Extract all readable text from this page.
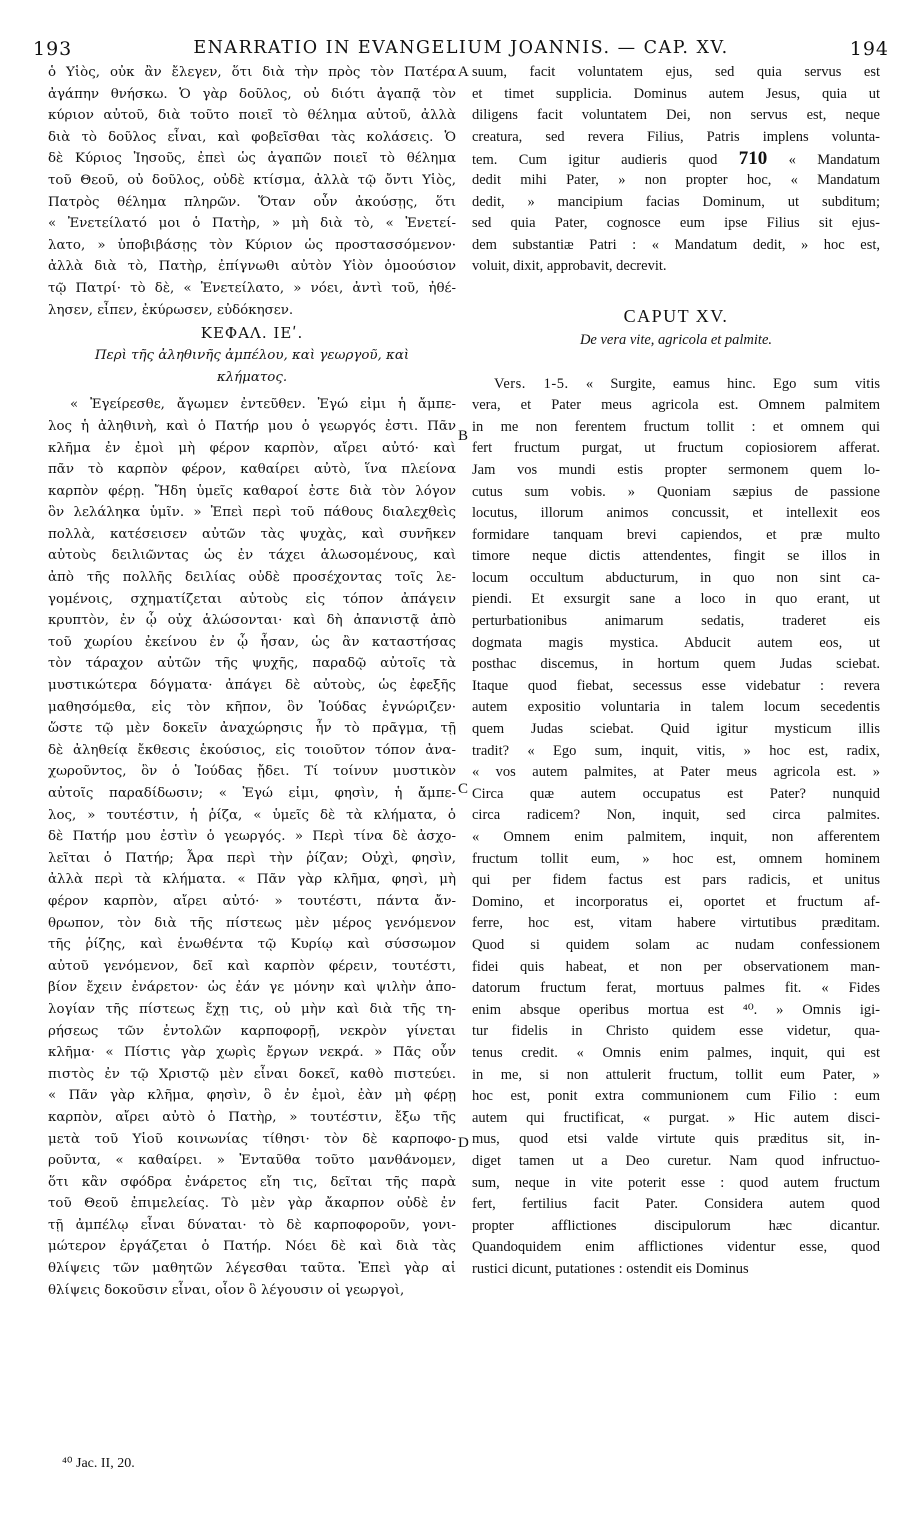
193	ENARRATIO IN EVANGELIUM JOANNIS. — CAP. XV.	194
A
B
C
D
ὁ Υἱὸς, οὐκ ἂν ἔλεγεν, ὅτι διὰ τὴν πρὸς τὸν Πατέρα
ἀγάπην θνήσκω. Ὁ γὰρ δοῦλος, οὐ διότι ἀγαπᾷ τὸν
κύριον αὐτοῦ, διὰ τοῦτο ποιεῖ τὸ θέλημα αὐτοῦ, ἀλλὰ
διὰ τὸ δοῦλος εἶναι, καὶ φοβεῖσθαι τὰς κολάσεις. Ὁ
δὲ Κύριος Ἰησοῦς, ἐπεὶ ὡς ἀγαπῶν ποιεῖ τὸ θέλημα
τοῦ Θεοῦ, οὐ δοῦλος, οὐδὲ κτίσμα, ἀλλὰ τῷ ὄντι Υἱὸς,
Πατρὸς θέλημα πληρῶν. Ὅταν οὖν ἀκούσῃς, ὅτι
« Ἐνετείλατό μοι ὁ Πατὴρ, » μὴ διὰ τὸ, « Ἐνετεί-
λατο, » ὑποβιβάσῃς τὸν Κύριον ὡς προστασσόμενον·
ἀλλὰ διὰ τὸ, Πατὴρ, ἐπίγνωθι αὐτὸν Υἱὸν ὁμοούσιον
τῷ Πατρί· τὸ δὲ, « Ἐνετείλατο, » νόει, ἀντὶ τοῦ, ἠθέ-
λησεν, εἶπεν, ἐκύρωσεν, εὐδόκησεν.
ΚΕΦΑΛ. ΙΕʹ.
Περὶ τῆς ἀληθινῆς ἀμπέλου, καὶ γεωργοῦ, καὶ
κλήματος.
« Ἐγείρεσθε, ἄγωμεν ἐντεῦθεν. Ἐγώ εἰμι ἡ ἄμπε-
λος ἡ ἀληθινὴ, καὶ ὁ Πατήρ μου ὁ γεωργός ἐστι. Πᾶν
κλῆμα ἐν ἐμοὶ μὴ φέρον καρπὸν, αἴρει αὐτό· καὶ
πᾶν τὸ καρπὸν φέρον, καθαίρει αὐτὸ, ἵνα πλείονα
καρπὸν φέρῃ. Ἤδη ὑμεῖς καθαροί ἐστε διὰ τὸν λόγον
ὃν λελάληκα ὑμῖν. » Ἐπεὶ περὶ τοῦ πάθους διαλεχθεὶς
πολλὰ, κατέσεισεν αὐτῶν τὰς ψυχὰς, καὶ συνῆκεν
αὐτοὺς δειλιῶντας ὡς ἐν τάχει ἁλωσομένους, καὶ
ἀπὸ τῆς πολλῆς δειλίας οὐδὲ προσέχοντας τοῖς λε-
γομένοις, σχηματίζεται αὐτοὺς εἰς τόπον ἀπάγειν
κρυπτὸν, ἐν ᾧ οὐχ ἁλώσονται· καὶ δὴ ἀπανιστᾷ ἀπὸ
τοῦ χωρίου ἐκείνου ἐν ᾧ ἦσαν, ὡς ἂν καταστήσας
τὸν τάραχον αὐτῶν τῆς ψυχῆς, παραδῷ αὐτοῖς τὰ
μυστικώτερα δόγματα· ἀπάγει δὲ αὐτοὺς, ὡς ἐφεξῆς
μαθησόμεθα, εἰς τὸν κῆπον, ὃν Ἰούδας ἐγνώριζεν·
ὥστε τῷ μὲν δοκεῖν ἀναχώρησις ἦν τὸ πρᾶγμα, τῇ
δὲ ἀληθείᾳ ἔκθεσις ἑκούσιος, εἰς τοιοῦτον τόπον ἀνα-
χωροῦντος, ὃν ὁ Ἰούδας ᾔδει. Τί τοίνυν μυστικὸν
αὐτοῖς παραδίδωσιν; « Ἐγώ εἰμι, φησὶν, ἡ ἄμπε-
λος, » τουτέστιν, ἡ ῥίζα, « ὑμεῖς δὲ τὰ κλήματα, ὁ
δὲ Πατήρ μου ἐστὶν ὁ γεωργός. » Περὶ τίνα δὲ ἀσχο-
λεῖται ὁ Πατήρ; Ἆρα περὶ τὴν ῥίζαν; Οὐχὶ, φησὶν,
ἀλλὰ περὶ τὰ κλήματα. « Πᾶν γὰρ κλῆμα, φησὶ, μὴ
φέρον καρπὸν, αἴρει αὐτό· » τουτέστι, πάντα ἄν-
θρωπον, τὸν διὰ τῆς πίστεως μὲν μέρος γενόμενον
τῆς ῥίζης, καὶ ἑνωθέντα τῷ Κυρίῳ καὶ σύσσωμον
αὐτοῦ γενόμενον, δεῖ καὶ καρπὸν φέρειν, τουτέστι,
βίον ἔχειν ἐνάρετον· ὡς ἐάν γε μόνην καὶ ψιλὴν ἀπο-
λογίαν τῆς πίστεως ἔχῃ τις, οὐ μὴν καὶ διὰ τῆς τη-
ρήσεως τῶν ἐντολῶν καρποφορῇ, νεκρὸν γίνεται
κλῆμα· « Πίστις γὰρ χωρὶς ἔργων νεκρά. » Πᾶς οὖν
πιστὸς ἐν τῷ Χριστῷ μὲν εἶναι δοκεῖ, καθὸ πιστεύει.
« Πᾶν γὰρ κλῆμα, φησὶν, ὃ ἐν ἐμοὶ, ἐὰν μὴ φέρῃ
καρπὸν, αἴρει αὐτὸ ὁ Πατὴρ, » τουτέστιν, ἔξω τῆς
μετὰ τοῦ Υἱοῦ κοινωνίας τίθησι· τὸν δὲ καρποφο-
ροῦντα, « καθαίρει. » Ἐνταῦθα τοῦτο μανθάνομεν,
ὅτι κἂν σφόδρα ἐνάρετος εἴη τις, δεῖται τῆς παρὰ
τοῦ Θεοῦ ἐπιμελείας. Τὸ μὲν γὰρ ἄκαρπον οὐδὲ ἐν
τῇ ἀμπέλῳ εἶναι δύναται· τὸ δὲ καρποφοροῦν, γονι-
μώτερον ἐργάζεται ὁ Πατήρ. Νόει δὲ καὶ διὰ τὰς
θλίψεις τῶν μαθητῶν λέγεσθαι ταῦτα. Ἐπεὶ γὰρ αἱ
θλίψεις δοκοῦσιν εἶναι, οἷον ὃ λέγουσιν οἱ γεωργοὶ,
suum, facit voluntatem ejus, sed quia servus est
et timet supplicia. Dominus autem Jesus, quia ut
diligens facit voluntatem Dei, non servus est, neque
creatura, sed revera Filius, Patris implens volunta-
tem. Cum igitur audieris quod 710 « Mandatum
dedit mihi Pater, » non propter hoc, « Mandatum
dedit, » mancipium facias Dominum, ut subditum;
sed quia Pater, cognosce eum ipse Filius sit ejus-
dem substantiæ Patri : « Mandatum dedit, » hoc est,
voluit, dixit, approbavit, decrevit.
CAPUT XV.
De vera vite, agricola et palmite.
Vers. 1-5. « Surgite, eamus hinc. Ego sum vitis
vera, et Pater meus agricola est. Omnem palmitem
in me non ferentem fructum tollit : et omnem qui
fert fructum purgat, ut fructum copiosiorem afferat.
Jam vos mundi estis propter sermonem quem lo-
cutus sum vobis. » Quoniam sæpius de passione
locutus, illorum animos concussit, et intellexit eos
formidare tanquam brevi capiendos, et præ multo
timore neque dictis attendentes, fingit se illos in
locum occultum abducturum, in quo non sint ca-
piendi. Et exsurgit sane a loco in quo erant, ut
perturbationibus animarum sedatis, traderet eis
dogmata magis mystica. Abducit autem eos, ut
posthac discemus, in hortum quem Judas sciebat.
Itaque quod fiebat, secessus esse videbatur : revera
autem expositio voluntaria in talem locum secedentis
quem Judas sciebat. Quid igitur mysticum illis
tradit? « Ego sum, inquit, vitis, » hoc est, radix,
« vos autem palmites, at Pater meus agricola est. »
Circa quæ autem occupatus est Pater? nunquid
circa radicem? Non, inquit, sed circa palmites.
« Omnem enim palmitem, inquit, non afferentem
fructum tollit eum, » hoc est, omnem hominem
qui per fidem factus est pars radicis, et unitus
Domino, et incorporatus ei, oportet et fructum af-
ferre, hoc est, vitam habere virtutibus præditam.
Quod si quidem solam ac nudam confessionem
fidei quis habeat, et non per observationem man-
datorum fructum ferat, mortuus palmes fit. « Fides
enim absque operibus mortua est ⁴⁰. » Omnis igi-
tur fidelis in Christo quidem esse videtur, qua-
tenus credit. « Omnis enim palmes, inquit, qui est
in me, si non attulerit fructum, tollit eum Pater, »
hoc est, ponit extra communionem cum Filio : eum
autem qui fructificat, « purgat. » Hic autem disci-
mus, quod etsi valde virtute quis præditus sit, in-
diget tamen ut a Deo curetur. Nam quod infructuo-
sum, neque in vite poterit esse : quod autem fructum
fert, fertilius facit Pater. Considera autem quod
propter afflictiones discipulorum hæc dicantur.
Quandoquidem enim afflictiones videntur esse, quod
rustici dicunt, putationes : ostendit eis Dominus
⁴⁰ Jac. II, 20.
